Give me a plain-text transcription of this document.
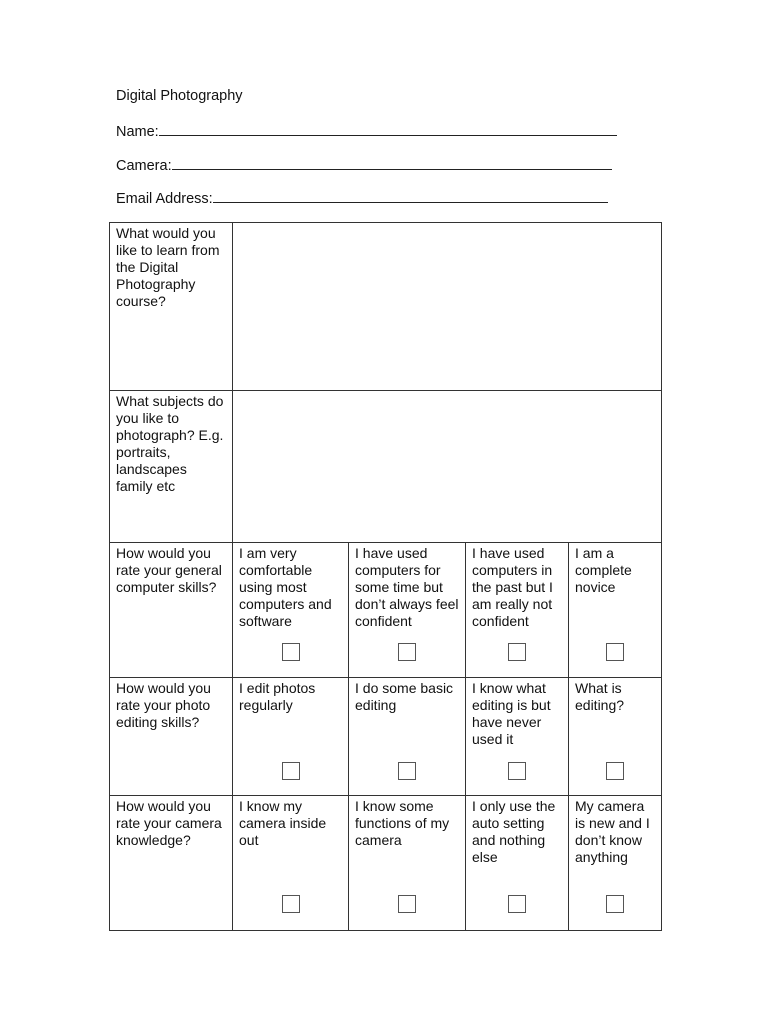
Digital Photography
Name:
Camera:
Email Address:
What would you like to learn from the Digital Photography course?				
What subjects do you like to photograph? E.g. portraits, landscapes family etc				
How would you rate your general computer skills?	I am very comfortable using most computers and software	I have used computers for some time but don’t always feel confident	I have used computers in the past but I am really not confident	I am a complete novice

How would you rate your photo editing skills?	I edit photos regularly	I do some basic editing	I know what editing is but have never used it	What is editing?

How would you rate your camera knowledge?	I know my camera inside out	I know some functions of my camera	I only use the auto setting and nothing else	My camera is new and I don’t know anything
